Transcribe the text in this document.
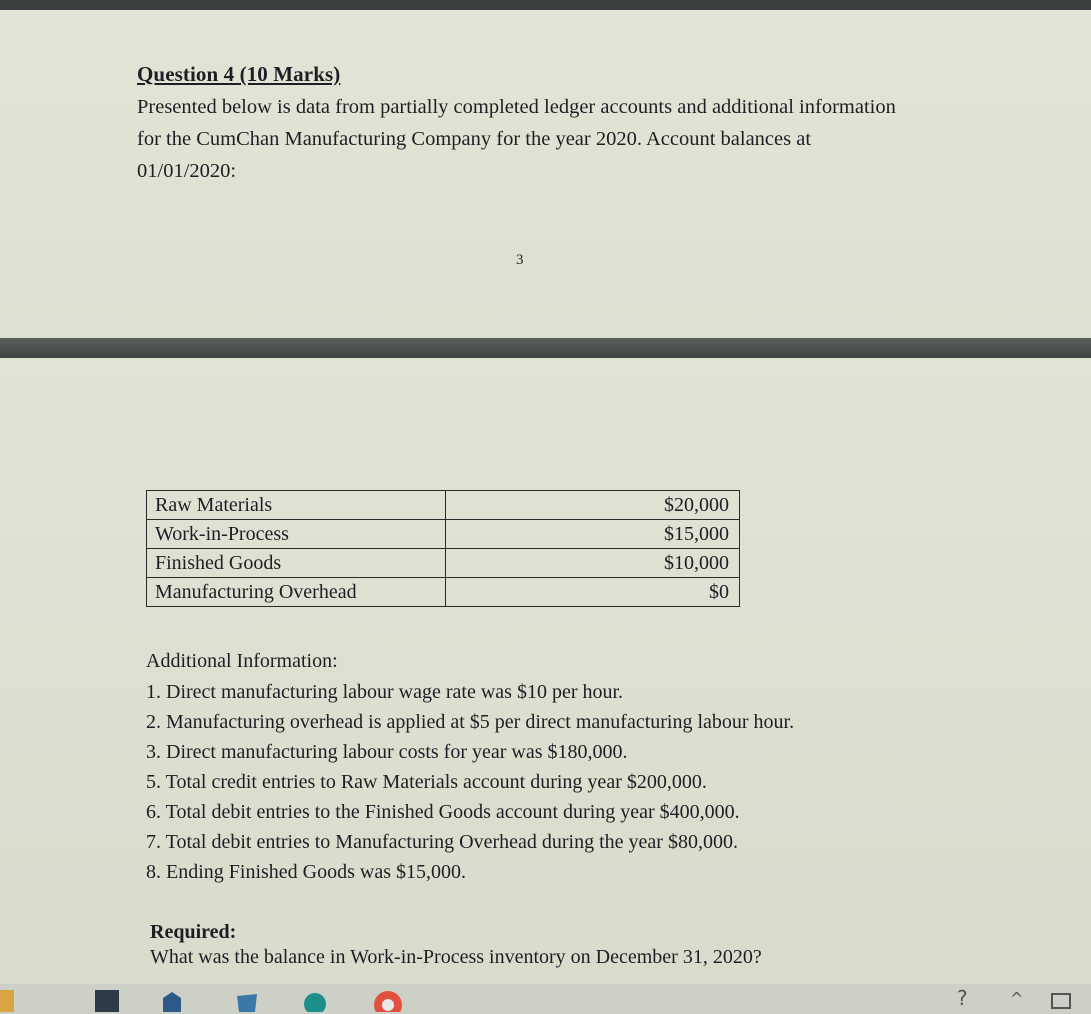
Question 4 (10 Marks)
Presented below is data from partially completed ledger accounts and additional information for the CumChan Manufacturing Company for the year 2020. Account balances at 01/01/2020:
3
Raw Materials	$20,000
Work-in-Process	$15,000
Finished Goods	$10,000
Manufacturing Overhead	$0
Additional Information:
1. Direct manufacturing labour wage rate was $10 per hour.
2. Manufacturing overhead is applied at $5 per direct manufacturing labour hour.
3. Direct manufacturing labour costs for year was $180,000.
5. Total credit entries to Raw Materials account during year $200,000.
6. Total debit entries to the Finished Goods account during year $400,000.
7. Total debit entries to Manufacturing Overhead during the year $80,000.
8. Ending Finished Goods was $15,000.
Required:
What was the balance in Work-in-Process inventory on December 31, 2020?
?	^
